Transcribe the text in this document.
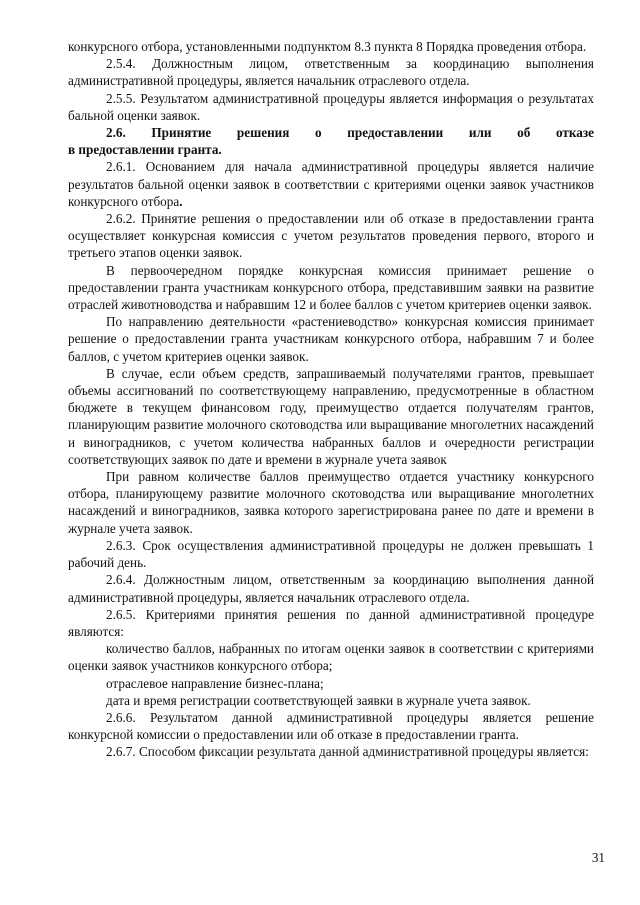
конкурсного отбора, установленными подпунктом 8.3 пункта 8 Порядка проведения отбора.

2.5.4. Должностным лицом, ответственным за координацию выполнения административной процедуры, является начальник отраслевого отдела.

2.5.5. Результатом административной процедуры является информация о результатах бальной оценки заявок.

2.6. Принятие решения о предоставлении или об отказе

в предоставлении гранта.

2.6.1. Основанием для начала административной процедуры является наличие результатов бальной оценки заявок в соответствии с критериями оценки заявок участников конкурсного отбора.

2.6.2. Принятие решения о предоставлении или об отказе в предоставлении гранта осуществляет конкурсная комиссия с учетом результатов проведения первого, второго и третьего этапов оценки заявок.

В первоочередном порядке конкурсная комиссия принимает решение о предоставлении гранта участникам конкурсного отбора, представившим заявки на развитие отраслей животноводства и набравшим 12 и более баллов с учетом критериев оценки заявок.

По направлению деятельности «растениеводство» конкурсная комиссия принимает решение о предоставлении гранта участникам конкурсного отбора, набравшим 7 и более баллов, с учетом критериев оценки заявок.

В случае, если объем средств, запрашиваемый получателями грантов, превышает объемы ассигнований по соответствующему направлению, предусмотренные в областном бюджете в текущем финансовом году, преимущество отдается получателям грантов, планирующим развитие молочного скотоводства или выращивание многолетних насаждений и виноградников, с учетом количества набранных баллов и очередности регистрации соответствующих заявок по дате и времени в журнале учета заявок

При равном количестве баллов преимущество отдается участнику конкурсного отбора, планирующему развитие молочного скотоводства или выращивание многолетних насаждений и виноградников, заявка которого зарегистрирована ранее по дате и времени в журнале учета заявок.

2.6.3. Срок осуществления административной процедуры не должен превышать 1 рабочий день.

2.6.4. Должностным лицом, ответственным за координацию выполнения данной административной процедуры, является начальник отраслевого отдела.

2.6.5. Критериями принятия решения по данной административной процедуре являются:

количество баллов, набранных по итогам оценки заявок в соответствии с критериями оценки заявок участников конкурсного отбора;

отраслевое направление бизнес-плана;

дата и время регистрации соответствующей заявки в журнале учета заявок.

2.6.6. Результатом данной административной процедуры является решение конкурсной комиссии о предоставлении или об отказе в предоставлении гранта.

2.6.7. Способом фиксации результата данной административной процедуры является:

31
